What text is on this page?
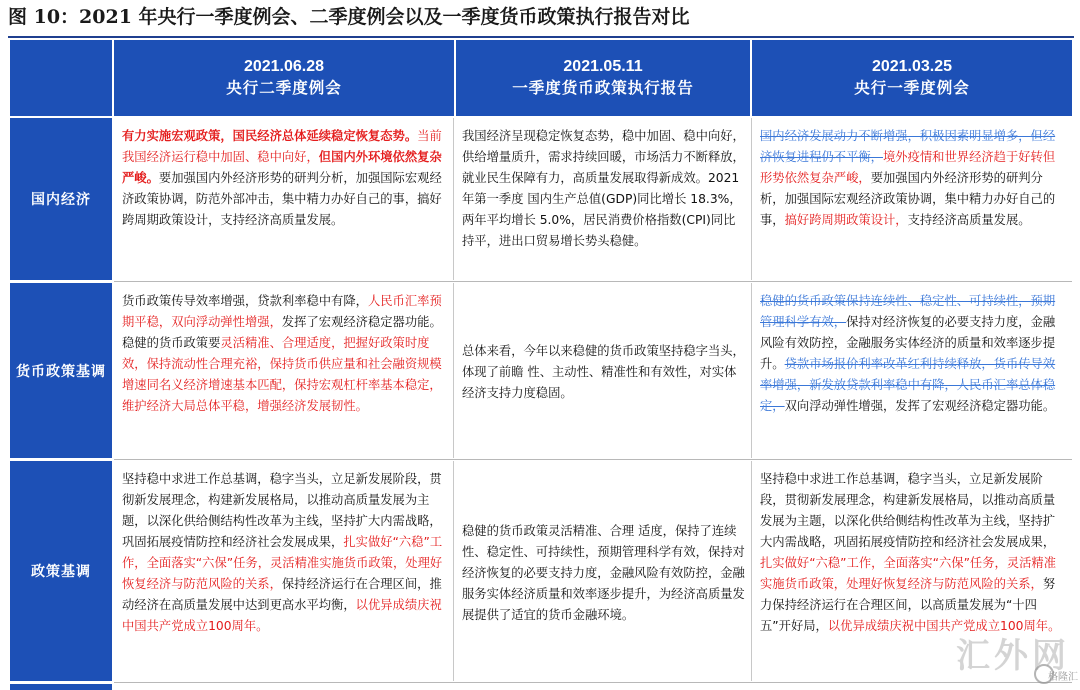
图 10：2021 年央行一季度例会、二季度例会以及一季度货币政策执行报告对比
2021.06.28
央行二季度例会
2021.05.11
一季度货币政策执行报告
2021.03.25
央行一季度例会
国内经济
有力实施宏观政策，国民经济总体延续稳定恢复态势。当前我国经济运行稳中加固、稳中向好，但国内外环境依然复杂严峻。要加强国内外经济形势的研判分析，加强国际宏观经济政策协调，防范外部冲击，集中精力办好自己的事，搞好跨周期政策设计，支持经济高质量发展。
我国经济呈现稳定恢复态势，稳中加固、稳中向好，供给增量质升，需求持续回暖，市场活力不断释放，就业民生保障有力，高质量发展取得新成效。2021 年第一季度 国内生产总值(GDP)同比增长 18.3%，两年平均增长 5.0%，居民消费价格指数(CPI)同比持平，进出口贸易增长势头稳健。
国内经济发展动力不断增强，积极因素明显增多，但经济恢复进程仍不平衡，境外疫情和世界经济趋于好转但形势依然复杂严峻，要加强国内外经济形势的研判分析，加强国际宏观经济政策协调，集中精力办好自己的事，搞好跨周期政策设计，支持经济高质量发展。
货币政策基调
货币政策传导效率增强，贷款利率稳中有降，人民币汇率预期平稳，双向浮动弹性增强，发挥了宏观经济稳定器功能。稳健的货币政策要灵活精准、合理适度，把握好政策时度效，保持流动性合理充裕，保持货币供应量和社会融资规模增速同名义经济增速基本匹配，保持宏观杠杆率基本稳定，维护经济大局总体平稳，增强经济发展韧性。
总体来看，今年以来稳健的货币政策坚持稳字当头，体现了前瞻 性、主动性、精准性和有效性，对实体经济支持力度稳固。
稳健的货币政策保持连续性、稳定性、可持续性，预期管理科学有效，保持对经济恢复的必要支持力度，金融风险有效防控，金融服务实体经济的质量和效率逐步提升。贷款市场报价利率改革红利持续释放，货币传导效率增强，新发放贷款利率稳中有降，人民币汇率总体稳定，双向浮动弹性增强，发挥了宏观经济稳定器功能。
政策基调
坚持稳中求进工作总基调，稳字当头，立足新发展阶段，贯彻新发展理念，构建新发展格局，以推动高质量发展为主题，以深化供给侧结构性改革为主线，坚持扩大内需战略，巩固拓展疫情防控和经济社会发展成果，扎实做好“六稳”工作，全面落实“六保”任务，灵活精准实施货币政策，处理好恢复经济与防范风险的关系，保持经济运行在合理区间，推动经济在高质量发展中达到更高水平均衡，以优异成绩庆祝中国共产党成立100周年。
稳健的货币政策灵活精准、合理 适度，保持了连续性、稳定性、可持续性，预期管理科学有效，保持对经济恢复的必要支持力度，金融风险有效防控，金融服务实体经济质量和效率逐步提升，为经济高质量发展提供了适宜的货币金融环境。
坚持稳中求进工作总基调，稳字当头，立足新发展阶段，贯彻新发展理念，构建新发展格局，以推动高质量发展为主题，以深化供给侧结构性改革为主线，坚持扩大内需战略，巩固拓展疫情防控和经济社会发展成果，扎实做好“六稳”工作，全面落实“六保”任务，灵活精准实施货币政策，处理好恢复经济与防范风险的关系，努力保持经济运行在合理区间，以高质量发展为“十四五”开好局，以优异成绩庆祝中国共产党成立100周年。
汇外网
格隆汇
